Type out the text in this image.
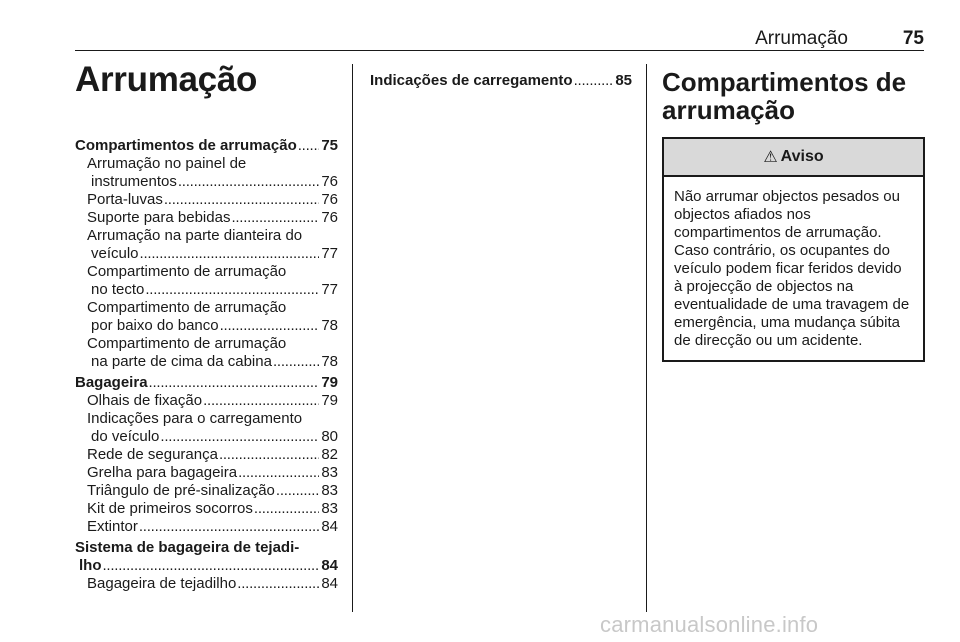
Arrumação	75
Arrumação
Compartimentos de arrumação . . . 75
Arrumação no painel de
instrumentos . . .	76
Porta-luvas . . .	76
Suporte para bebidas . . .	76
Arrumação na parte dianteira do
veículo . . .	77
Compartimento de arrumação
no tecto . . .	77
Compartimento de arrumação
por baixo do banco . . .	78
Compartimento de arrumação
na parte de cima da cabina . . .	78
Bagageira . . .	79
Olhais de fixação . . .	79
Indicações para o carregamento
do veículo . . .	80
Rede de segurança . . .	82
Grelha para bagageira . . .	83
Triângulo de pré-sinalização . . .	83
Kit de primeiros socorros . . .	83
Extintor . . .	84
Sistema de bagageira de tejadi-
lho . . .	84
Bagageira de tejadilho . . .	84
Indicações de carregamento . . .	85 Compartimentos de
arrumação
⚠ Aviso
Não arrumar objectos pesados ou objectos afiados nos compartimentos de arrumação. Caso contrário, os ocupantes do veículo podem ficar feridos devido à projecção de objectos na eventualidade de uma travagem de emergência, uma mudança súbita de direcção ou um acidente.
carmanualsonline.info
